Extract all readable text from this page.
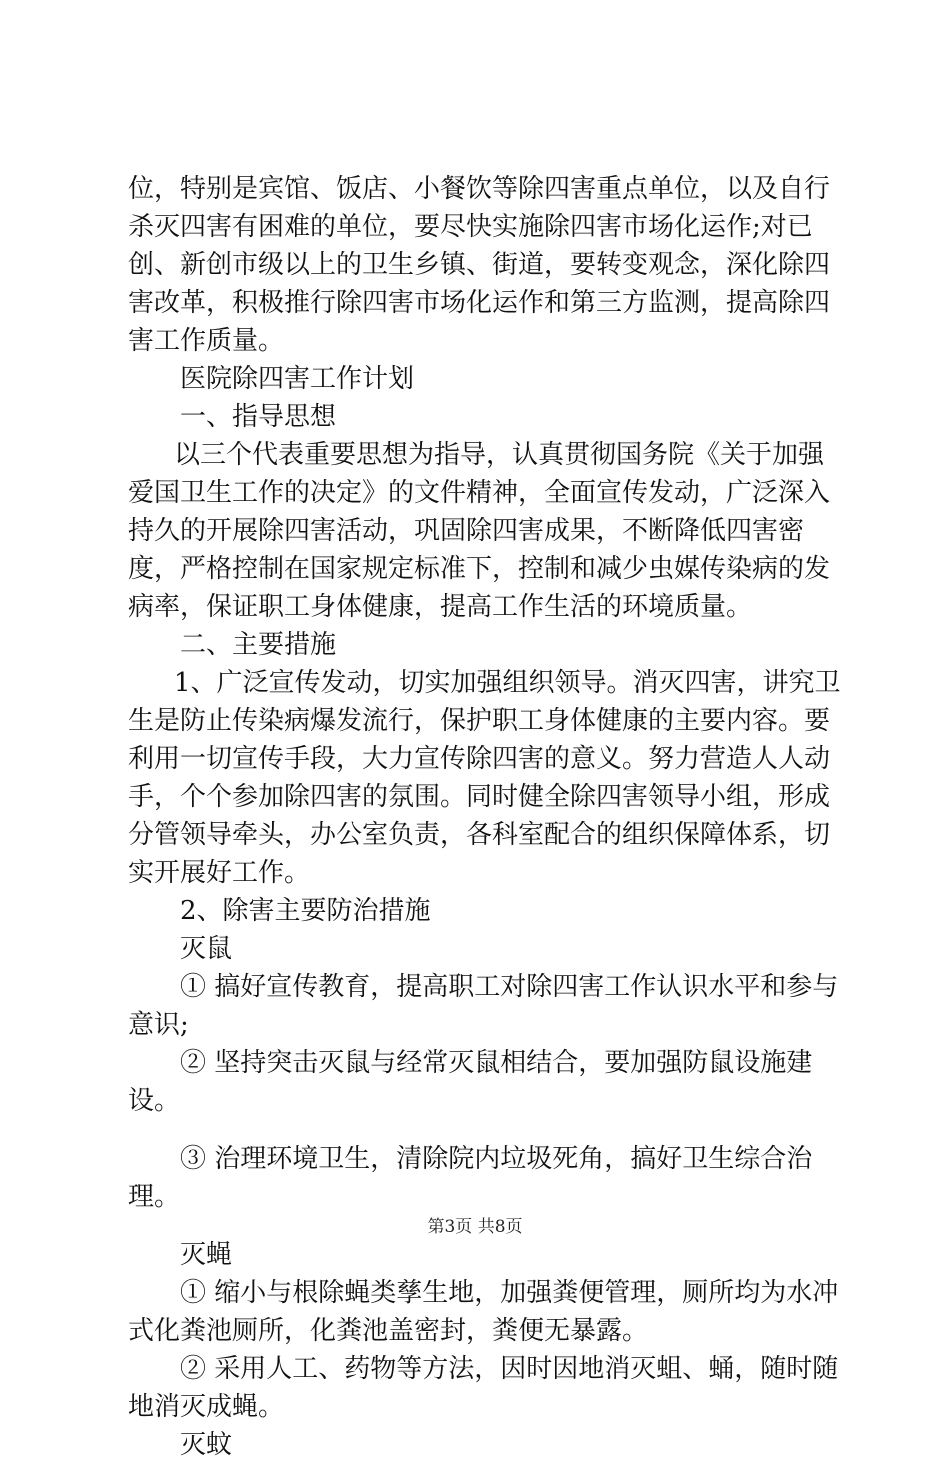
位，特别是宾馆、饭店、小餐饮等除四害重点单位，以及自行杀灭四害有困难的单位，要尽快实施除四害市场化运作;对已创、新创市级以上的卫生乡镇、街道，要转变观念，深化除四害改革，积极推行除四害市场化运作和第三方监测，提高除四害工作质量。

医院除四害工作计划

一、指导思想

以三个代表重要思想为指导，认真贯彻国务院《关于加强爱国卫生工作的决定》的文件精神，全面宣传发动，广泛深入持久的开展除四害活动，巩固除四害成果，不断降低四害密度，严格控制在国家规定标准下，控制和减少虫媒传染病的发病率，保证职工身体健康，提高工作生活的环境质量。

二、主要措施

1、广泛宣传发动，切实加强组织领导。消灭四害，讲究卫生是防止传染病爆发流行，保护职工身体健康的主要内容。要利用一切宣传手段，大力宣传除四害的意义。努力营造人人动手，个个参加除四害的氛围。同时健全除四害领导小组，形成分管领导牵头，办公室负责，各科室配合的组织保障体系，切实开展好工作。

2、除害主要防治措施

灭鼠

① 搞好宣传教育，提高职工对除四害工作认识水平和参与意识;

② 坚持突击灭鼠与经常灭鼠相结合，要加强防鼠设施建设。

③ 治理环境卫生，清除院内垃圾死角，搞好卫生综合治理。

灭蝇

① 缩小与根除蝇类孳生地，加强粪便管理，厕所均为水冲式化粪池厕所，化粪池盖密封，粪便无暴露。

② 采用人工、药物等方法，因时因地消灭蛆、蛹，随时随地消灭成蝇。

灭蚊

第3页 共8页
